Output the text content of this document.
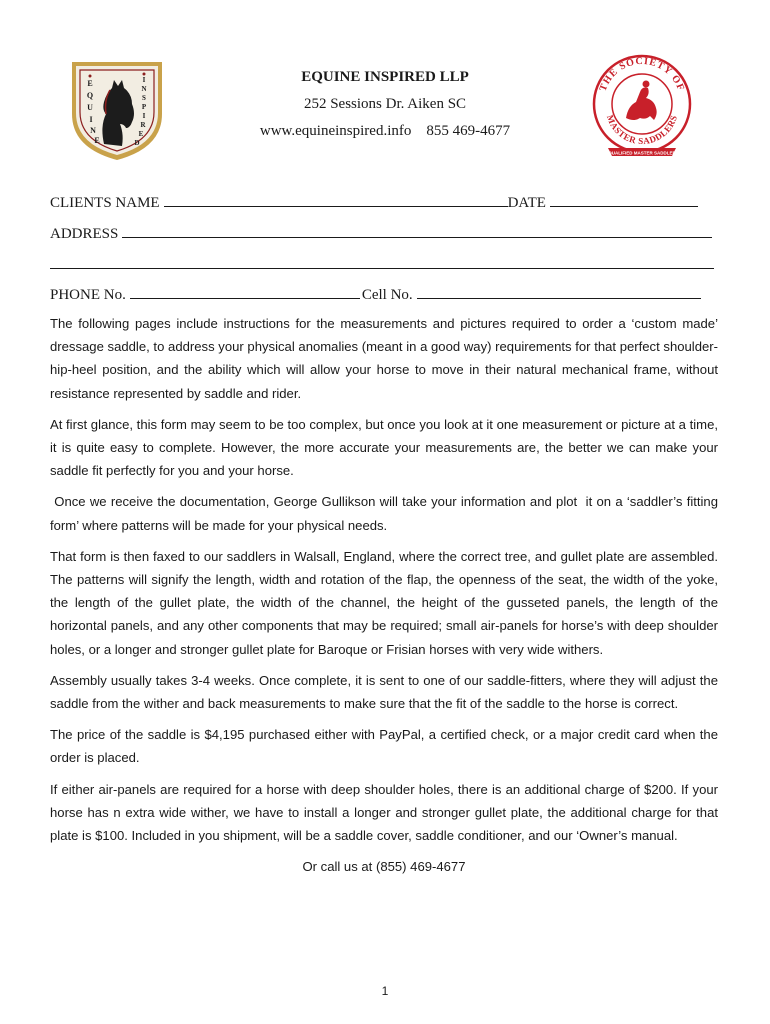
E
Q
U
I
N
E
I
N
S
P
I
R
E
D
EQUINE INSPIRED LLP
252 Sessions Dr. Aiken SC
www.equineinspired.info    855 469-4677
THE SOCIETY OF
MASTER SADDLERS
QUALIFIED MASTER SADDLER
CLIENTS NAME	DATE
ADDRESS
PHONE No.	Cell No.

The following pages include instructions for the measurements and pictures required to order a ‘custom made’ dressage saddle, to address your physical anomalies (meant in a good way) requirements for that perfect shoulder-hip-heel position, and the ability which will allow your horse to move in their natural mechanical frame, without resistance represented by saddle and rider.

At first glance, this form may seem to be too complex, but once you look at it one measurement or picture at a time, it is quite easy to complete. However, the more accurate your measurements are, the better we can make your saddle fit perfectly for you and your horse.

Once we receive the documentation, George Gullikson will take your information and plot  it on a ‘saddler’s fitting form’ where patterns will be made for your physical needs.

That form is then faxed to our saddlers in Walsall, England, where the correct tree, and gullet plate are assembled. The patterns will signify the length, width and rotation of the flap, the openness of the seat, the width of the yoke, the length of the gullet plate, the width of the channel, the height of the gusseted panels, the length of the horizontal panels, and any other components that may be required; small air-panels for horse’s with deep shoulder holes, or a longer and stronger gullet plate for Baroque or Frisian horses with very wide withers.

Assembly usually takes 3-4 weeks. Once complete, it is sent to one of our saddle-fitters, where they will adjust the saddle from the wither and back measurements to make sure that the fit of the saddle to the horse is correct.

The price of the saddle is $4,195 purchased either with PayPal, a certified check, or a major credit card when the order is placed.

If either air-panels are required for a horse with deep shoulder holes, there is an additional charge of $200. If your horse has n extra wide wither, we have to install a longer and stronger gullet plate, the additional charge for that plate is $100. Included in you shipment, will be a saddle cover, saddle conditioner, and our ‘Owner’s manual.

Or call us at (855) 469-4677
1
